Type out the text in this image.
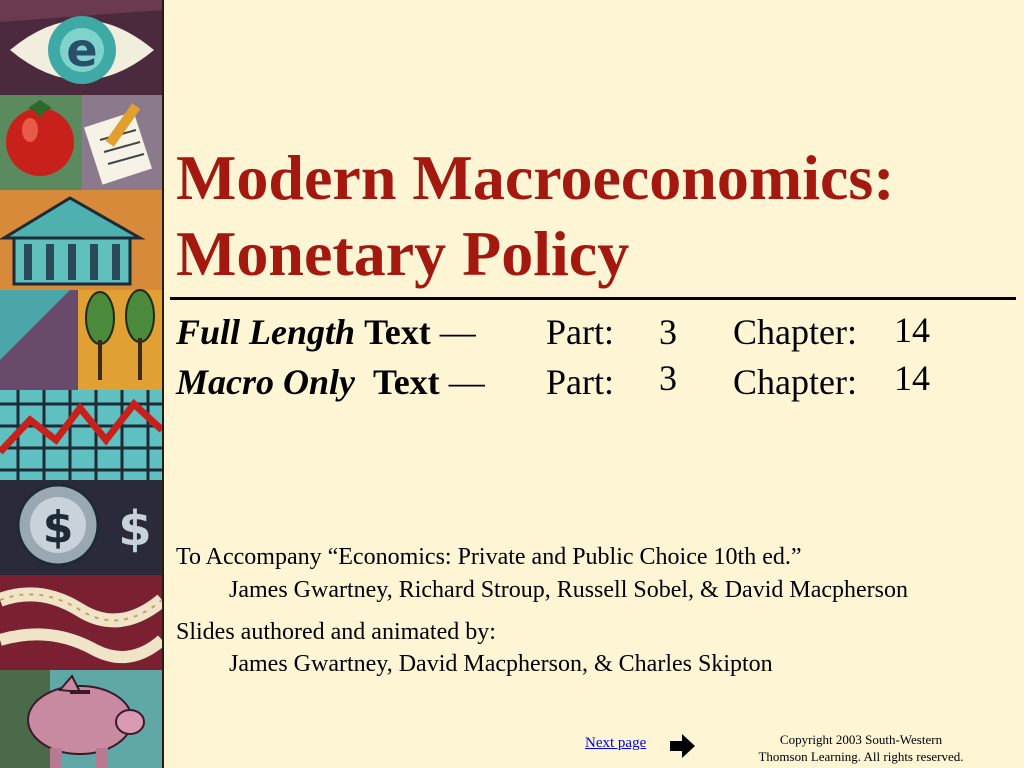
e
$ $
Modern Macroeconomics:
Monetary Policy
Full Length Text — Part: 3 Chapter: 14
Macro Only Text — Part: 3 Chapter: 14
To Accompany “Economics: Private and Public Choice 10th ed.”
James Gwartney, Richard Stroup, Russell Sobel, & David Macpherson
Slides authored and animated by:
James Gwartney, David Macpherson, & Charles Skipton
Next page	Copyright 2003 South-Western
Thomson Learning. All rights reserved.
